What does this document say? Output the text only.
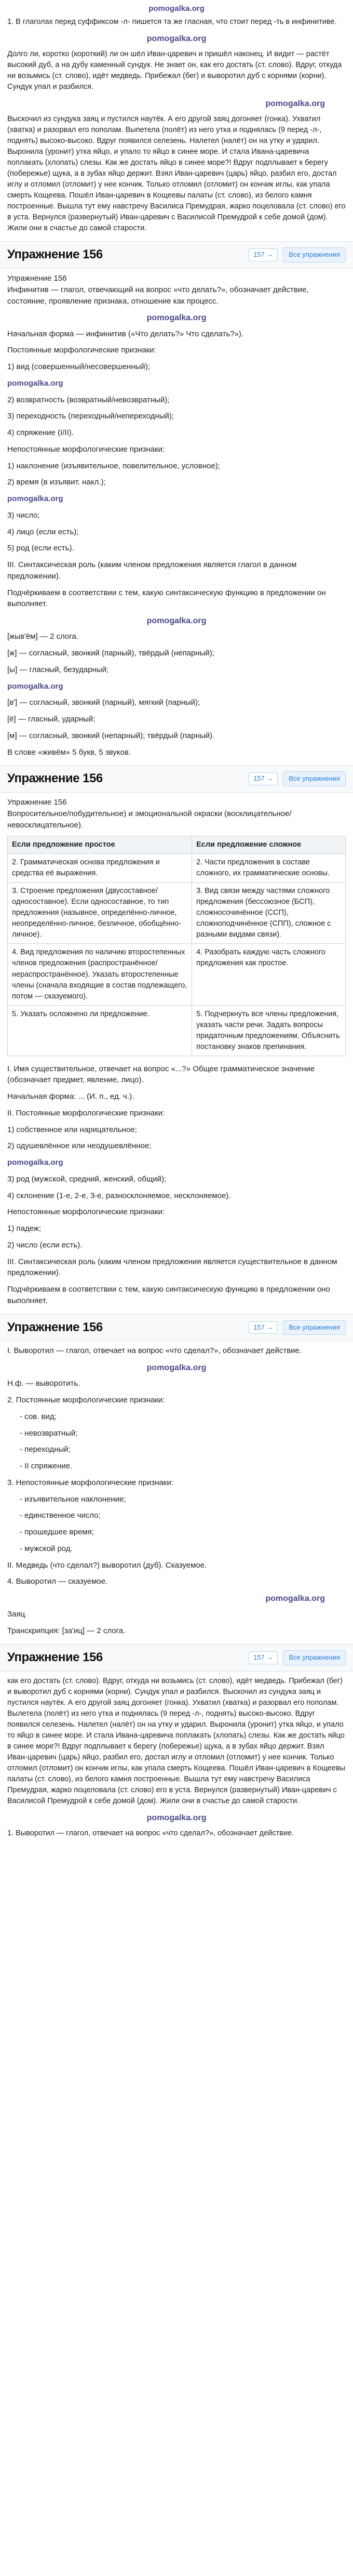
pomogalka.org

1. В глаголах перед суффиксом -л- пишется та же гласная, что стоит перед -ть в инфинитиве.

pomogalka.org

Долго ли, коротко (короткий) ли он шёл Иван-царевич и пришёл наконец. И видит — растёт высокий дуб, а на дубу каменный сундук. Не знает он, как его достать (ст. слово). Вдруг, откуда ни возьмись (ст. слово), идёт медведь. Прибежал (бег) и выворотил дуб с корнями (корни). Сундук упал и разбился.

pomogalka.org

Выскочил из сундука заяц и пустился наутёк. А его другой заяц догоняет (гонка). Ухватил (хватка) и разорвал его пополам. Выпетела (полёт) из него утка и поднялась (9 перед -л-, поднять) высоко-высоко. Вдруг появился селезень. Налетел (налёт) он на утку и ударил. Выронила (уронит) утка яйцо, и упало то яйцо в синее море. И стала Ивана-царевича поплакать (хлопать) слезы. Как же достать яйцо в синее море?! Вдруг подплывает к берегу (побережье) щука, а в зубах яйцо держит. Взял Иван-царевич (царь) яйцо, разбил его, достал иглу и отломил (отломит) у нее кончик. Только отломил (отломит) он кончик иглы, как упала смерть Кощеева. Пошёл Иван-царевич в Кощеевы палаты (ст. слово), из белого камня построенные. Вышла тут ему навстречу Василиса Премудрая, жарко поцеловала (ст. слово) его в уста. Вернулся (развернутый) Иван-царевич с Василисой Премудрой к себе домой (дом). Жили они в счастье до самой старости.

Упражнение 156	157 →	Все упражнения

Упражнение 156
Инфинитив — глагол, отвечающий на вопрос «что делать?», обозначает действие, состояние, проявление признака, отношение как процесс.

pomogalka.org

Начальная форма — инфинитив («Что делать?» Что сделать?»).

Постоянные морфологические признаки:

1) вид (совершенный/несовершенный);
pomogalka.org
2) возвратность (возвратный/невозвратный);
3) переходность (переходный/непереходный);
4) спряжение (I/II).

Непостоянные морфологические признаки:

1) наклонение (изъявительное, повелительное, условное);
2) время (в изъявит. накл.);
pomogalka.org
3) число;
4) лицо (если есть);
5) род (если есть).

III. Синтаксическая роль (каким членом предложения является глагол в данном предложении).

Подчёркиваем в соответствии с тем, какую синтаксическую функцию в предложении он выполняет.

pomogalka.org

[жыв'ём] — 2 слога.

[ж] — согласный, звонкий (парный), твёрдый (непарный);
[ы] — гласный, безударный;
pomogalka.org
[в'] — согласный, звонкий (парный), мягкий (парный);
[ё] — гласный, ударный;
[м] — согласный, звонкий (непарный); твёрдый (парный).
В слове «живём» 5 букв, 5 звуков.
Упражнение 156	157 →	Все упражнения

Упражнение 156
Вопросительное/побудительное) и эмоциональной окраски (восклицательное/невосклицательное).

Если предложение простое	Если предложение сложное
2. Грамматическая основа предложения и средства её выражения.	2. Части предложения в составе сложного, их грамматические основы.
3. Строение предложения (двусоставное/односоставное). Если односоставное, то тип предложения (назывное, определённо-личное, неопределённо-личное, безличное, обобщённо-личное).	3. Вид связи между частями сложного предложения (бессоюзное (БСП), сложносочинённое (ССП), сложноподчинённое (СПП), сложное с разными видами связи).
4. Вид предложения по наличию второстепенных членов предложения (распространённое/нераспространённое). Указать второстепенные члены (сначала входящие в состав подлежащего, потом — сказуемого).	4. Разобрать каждую часть сложного предложения как простое.
5. Указать осложнено ли предложение.	5. Подчеркнуть все члены предложения, указать части речи. Задать вопросы придаточным предложениям. Объяснить постановку знаков препинания.

I. Имя существительное, отвечает на вопрос «...?» Общее грамматическое значение (обозначает предмет, явление, лицо).

Начальная форма: ... (И. п., ед. ч.).

II. Постоянные морфологические признаки:

1) собственное или нарицательное;
2) одушевлённое или неодушевлённое;
pomogalka.org
3) род (мужской, средний, женский, общий);
4) склонение (1-е, 2-е, 3-е, разносклоняемое, несклоняемое).

Непостоянные морфологические признаки:

1) падеж;
2) число (если есть).

III. Синтаксическая роль (каким членом предложения является существительное в данном предложении).

Подчёркиваем в соответствии с тем, какую синтаксическую функцию в предложении оно выполняет.

Упражнение 156	157 →	Все упражнения

I. Выворотил — глагол, отвечает на вопрос «что сделал?», обозначает действие.

pomogalka.org

Н.ф. — выворотить.

2. Постоянные морфологические признаки:

- сов. вид;
- невозвратный;
- переходный;
- II спряжение.

3. Непостоянные морфологические признаки:

- изъявительное наклонение;
- единственное число;
- прошедшее время;
- мужской род.

II. Медведь (что сделал?) выворотил (дуб). Сказуемое.

4. Выворотил — сказуемое.

pomogalka.org

Заяц.

Транскрипция: [за'иц] — 2 слога.

Упражнение 156	157 →	Все упражнения

как его достать (ст. слово). Вдруг, откуда ни возьмись (ст. слово), идёт медведь. Прибежал (бег) и выворотил дуб с корнями (корни). Сундук упал и разбился. Выскочил из сундука заяц и пустился наутёк. А его другой заяц догоняет (гонка). Ухватил (хватка) и разорвал его пополам. Вылетела (полёт) из него утка и поднялась (9 перед -л-, поднять) высоко-высоко. Вдруг появился селезень. Налетел (налёт) он на утку и ударил. Выронила (уронит) утка яйцо, и упало то яйцо в синее море. И стала Ивана-царевича поплакать (хлопать) слезы. Как же достать яйцо в синее море?! Вдруг подплывает к берегу (побережье) щука, а в зубах яйцо держит. Взял Иван-царевич (царь) яйцо, разбил его, достал иглу и отломил (отломит) у нее кончик. Только отломил (отломит) он кончик иглы, как упала смерть Кощеева. Пошёл Иван-царевич в Кощеевы палаты (ст. слово), из белого камня построенные. Вышла тут ему навстречу Василиса Премудрая, жарко поцеловала (ст. слово) его в уста. Вернулся (развернутый) Иван-царевич с Василисой Премудрой к себе домой (дом). Жили они в счастье до самой старости.

pomogalka.org

1. Выворотил — глагол, отвечает на вопрос «что сделал?», обозначает действие.
